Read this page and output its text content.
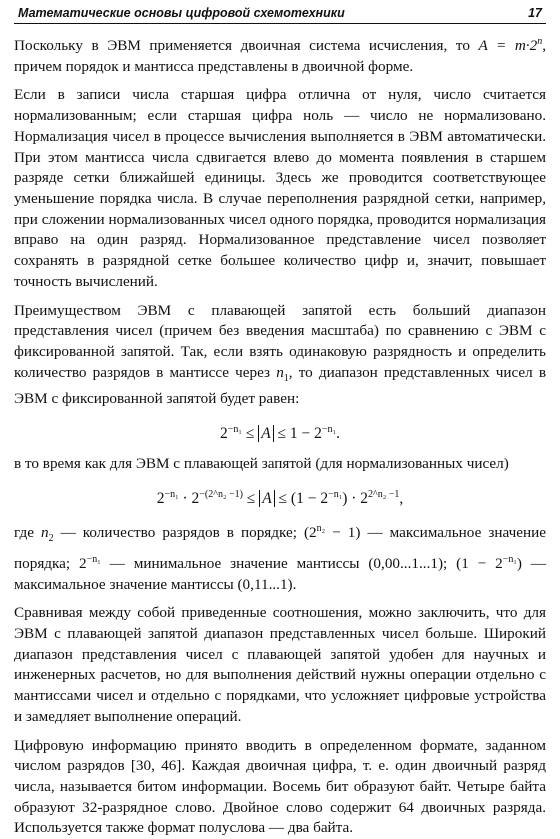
Математические основы цифровой схемотехники	17

Поскольку в ЭВМ применяется двоичная система исчисления, то $A = m\cdot 2^n$, причем порядок и мантисса представлены в двоичной форме.

Если в записи числа старшая цифра отлична от нуля, число считается нормализованным; если старшая цифра ноль — число не нормализовано. Нормализация чисел в процессе вычисления выполняется в ЭВМ автоматически. При этом мантисса числа сдвигается влево до момента появления в старшем разряде сетки ближайшей единицы. Здесь же проводится соответствующее уменьшение порядка числа. В случае переполнения разрядной сетки, например, при сложении нормализованных чисел одного порядка, проводится нормализация вправо на один разряд. Нормализованное представление чисел позволяет сохранять в разрядной сетке большее количество цифр и, значит, повышает точность вычислений.

Преимуществом ЭВМ с плавающей запятой есть больший диапазон представления чисел (причем без введения масштаба) по сравнению с ЭВМ с фиксированной запятой. Так, если взять одинаковую разрядность и определить количество разрядов в мантиссе через $n_1$, то диапазон представленных чисел в ЭВМ с фиксированной запятой будет равен:

$2^{-n_1} \le A \le 1 - 2^{-n_1}$.

в то время как для ЭВМ с плавающей запятой (для нормализованных чисел)

$2^{-n_1} \cdot 2^{-(2\^{}n_2 -1)} \le A \le (1 - 2^{-n_1}) \cdot 2^{2\^{}n_2 -1}$,

где $n_2$ — количество разрядов в порядке; $(2^{n_2} - 1)$ — максимальное значение порядка; $2^{-n_1}$ — минимальное значение мантиссы (0,00...1...1); $(1 - 2^{-n_1})$ — максимальное значение мантиссы (0,11...1).

Сравнивая между собой приведенные соотношения, можно заключить, что для ЭВМ с плавающей запятой диапазон представленных чисел больше. Широкий диапазон представления чисел с плавающей запятой удобен для научных и инженерных расчетов, но для выполнения действий нужны операции отдельно с мантиссами чисел и отдельно с порядками, что усложняет цифровые устройства и замедляет выполнение операций.

Цифровую информацию принято вводить в определенном формате, заданном числом разрядов [30, 46]. Каждая двоичная цифра, т. е. один двоичный разряд числа, называется битом информации. Восемь бит образуют байт. Четыре байта образуют 32-разрядное слово. Двойное слово содержит 64 двоичных разряда. Используется также формат полуслова — два байта.
